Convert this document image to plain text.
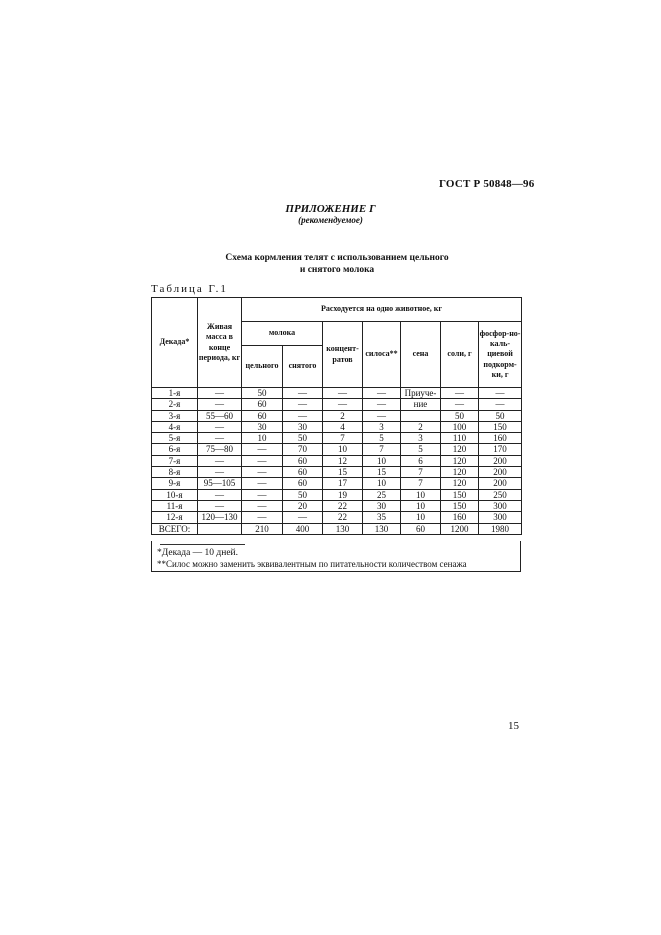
ГОСТ Р 50848—96
ПРИЛОЖЕНИЕ Г
(рекомендуемое)
Схема кормления телят с использованием цельного
и снятого молока
Таблица Г.1
Декада*	Живая масса в конце периода, кг	Расходуется на одно животное, кг						
		молока		концент-ратов	силоса**	сена	соли, г	фосфор-но-каль-циевой подкорм-ки, г
		цельного	снятого					
1-я	—	50	—	—	—	Приуче-	—	—
2-я	—	60	—	—	—	ние	—	—
3-я	55—60	60	—	2	—		50	50
4-я	—	30	30	4	3	2	100	150
5-я	—	10	50	7	5	3	110	160
6-я	75—80	—	70	10	7	5	120	170
7-я	—	—	60	12	10	6	120	200
8-я	—	—	60	15	15	7	120	200
9-я	95—105	—	60	17	10	7	120	200
10-я	—	—	50	19	25	10	150	250
11-я	—	—	20	22	30	10	150	300
12-я	120—130	—	—	22	35	10	160	300
ВСЕГО:		210	400	130	130	60	1200	1980
*Декада — 10 дней.
**Силос можно заменить эквивалентным по питательности количеством сенажа
15
